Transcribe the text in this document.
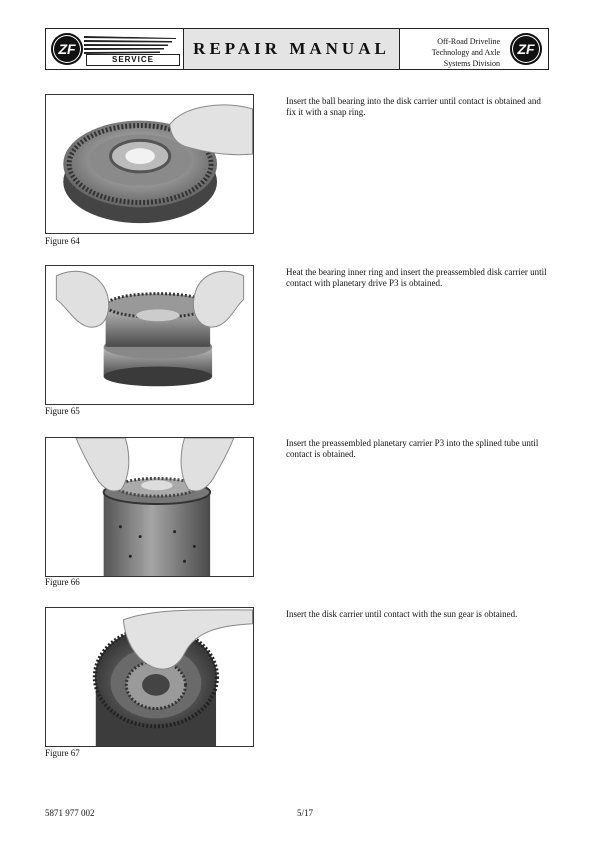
ZF
SERVICE
REPAIR MANUAL	Off-Road Driveline
Technology and Axle
Systems Division
ZF
Figure 64
Insert the ball bearing into the disk carrier until contact is obtained and fix it with a snap ring.
Figure 65
Heat the bearing inner ring and insert the preassembled disk carrier until contact with planetary drive P3 is obtained.
Figure 66
Insert the preassembled planetary carrier P3 into the splined tube until contact is obtained.
Figure 67
Insert the disk carrier until contact with the sun gear is obtained.
5871 977 002	5/17
